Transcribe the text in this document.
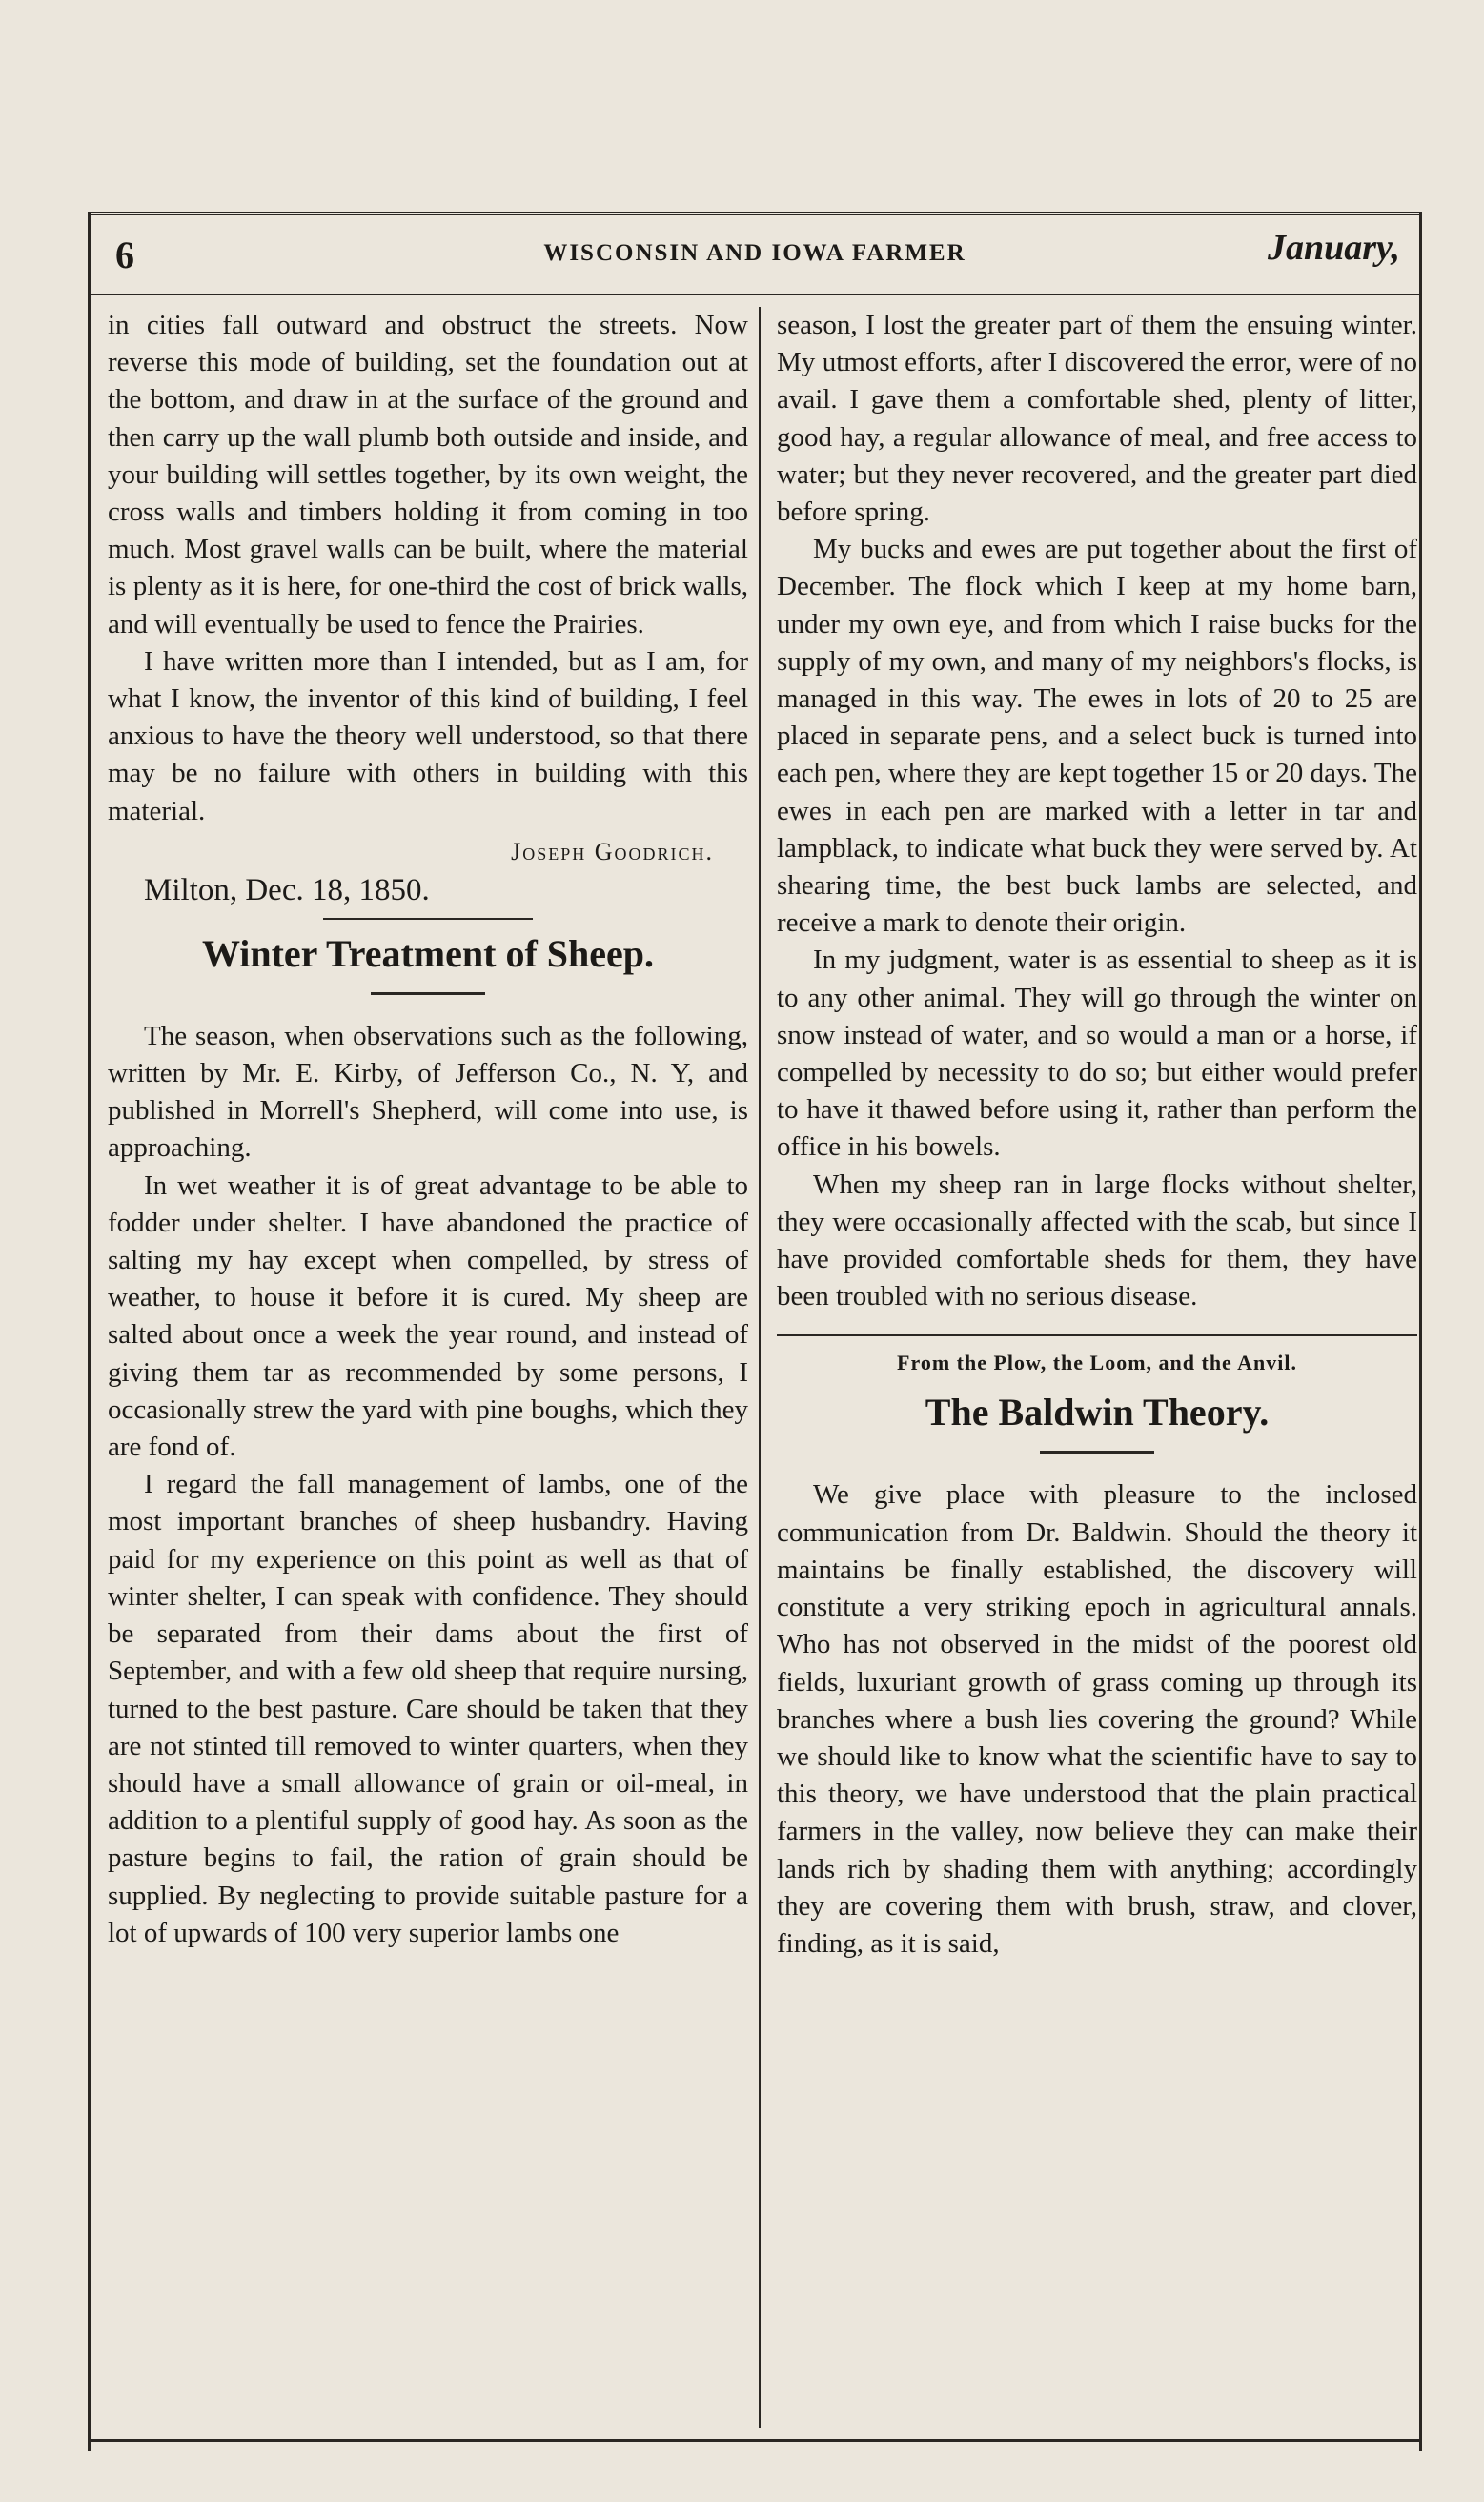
6	WISCONSIN AND IOWA FARMER	January,

in cities fall outward and obstruct the streets. Now reverse this mode of building, set the foundation out at the bottom, and draw in at the surface of the ground and then carry up the wall plumb both outside and inside, and your building will settles together, by its own weight, the cross walls and timbers holding it from coming in too much. Most gravel walls can be built, where the material is plenty as it is here, for one-third the cost of brick walls, and will eventually be used to fence the Prairies.

I have written more than I intended, but as I am, for what I know, the inventor of this kind of building, I feel anxious to have the theory well understood, so that there may be no failure with others in building with this material.

Joseph Goodrich.
Milton, Dec. 18, 1850.
Winter Treatment of Sheep.

The season, when observations such as the following, written by Mr. E. Kirby, of Jefferson Co., N. Y, and published in Morrell's Shepherd, will come into use, is approaching.

In wet weather it is of great advantage to be able to fodder under shelter. I have abandoned the practice of salting my hay except when compelled, by stress of weather, to house it before it is cured. My sheep are salted about once a week the year round, and instead of giving them tar as recommended by some persons, I occasionally strew the yard with pine boughs, which they are fond of.

I regard the fall management of lambs, one of the most important branches of sheep husbandry. Having paid for my experience on this point as well as that of winter shelter, I can speak with confidence. They should be separated from their dams about the first of September, and with a few old sheep that require nursing, turned to the best pasture. Care should be taken that they are not stinted till removed to winter quarters, when they should have a small allowance of grain or oil-meal, in addition to a plentiful supply of good hay. As soon as the pasture begins to fail, the ration of grain should be supplied. By neglecting to provide suitable pasture for a lot of upwards of 100 very superior lambs one

season, I lost the greater part of them the ensuing winter. My utmost efforts, after I discovered the error, were of no avail. I gave them a comfortable shed, plenty of litter, good hay, a regular allowance of meal, and free access to water; but they never recovered, and the greater part died before spring.

My bucks and ewes are put together about the first of December. The flock which I keep at my home barn, under my own eye, and from which I raise bucks for the supply of my own, and many of my neighbors's flocks, is managed in this way. The ewes in lots of 20 to 25 are placed in separate pens, and a select buck is turned into each pen, where they are kept together 15 or 20 days. The ewes in each pen are marked with a letter in tar and lampblack, to indicate what buck they were served by. At shearing time, the best buck lambs are selected, and receive a mark to denote their origin.

In my judgment, water is as essential to sheep as it is to any other animal. They will go through the winter on snow instead of water, and so would a man or a horse, if compelled by necessity to do so; but either would prefer to have it thawed before using it, rather than perform the office in his bowels.

When my sheep ran in large flocks without shelter, they were occasionally affected with the scab, but since I have provided comfortable sheds for them, they have been troubled with no serious disease.

From the Plow, the Loom, and the Anvil.
The Baldwin Theory.

We give place with pleasure to the inclosed communication from Dr. Baldwin. Should the theory it maintains be finally established, the discovery will constitute a very striking epoch in agricultural annals. Who has not observed in the midst of the poorest old fields, luxuriant growth of grass coming up through its branches where a bush lies covering the ground? While we should like to know what the scientific have to say to this theory, we have understood that the plain practical farmers in the valley, now believe they can make their lands rich by shading them with anything; accordingly they are covering them with brush, straw, and clover, finding, as it is said,
